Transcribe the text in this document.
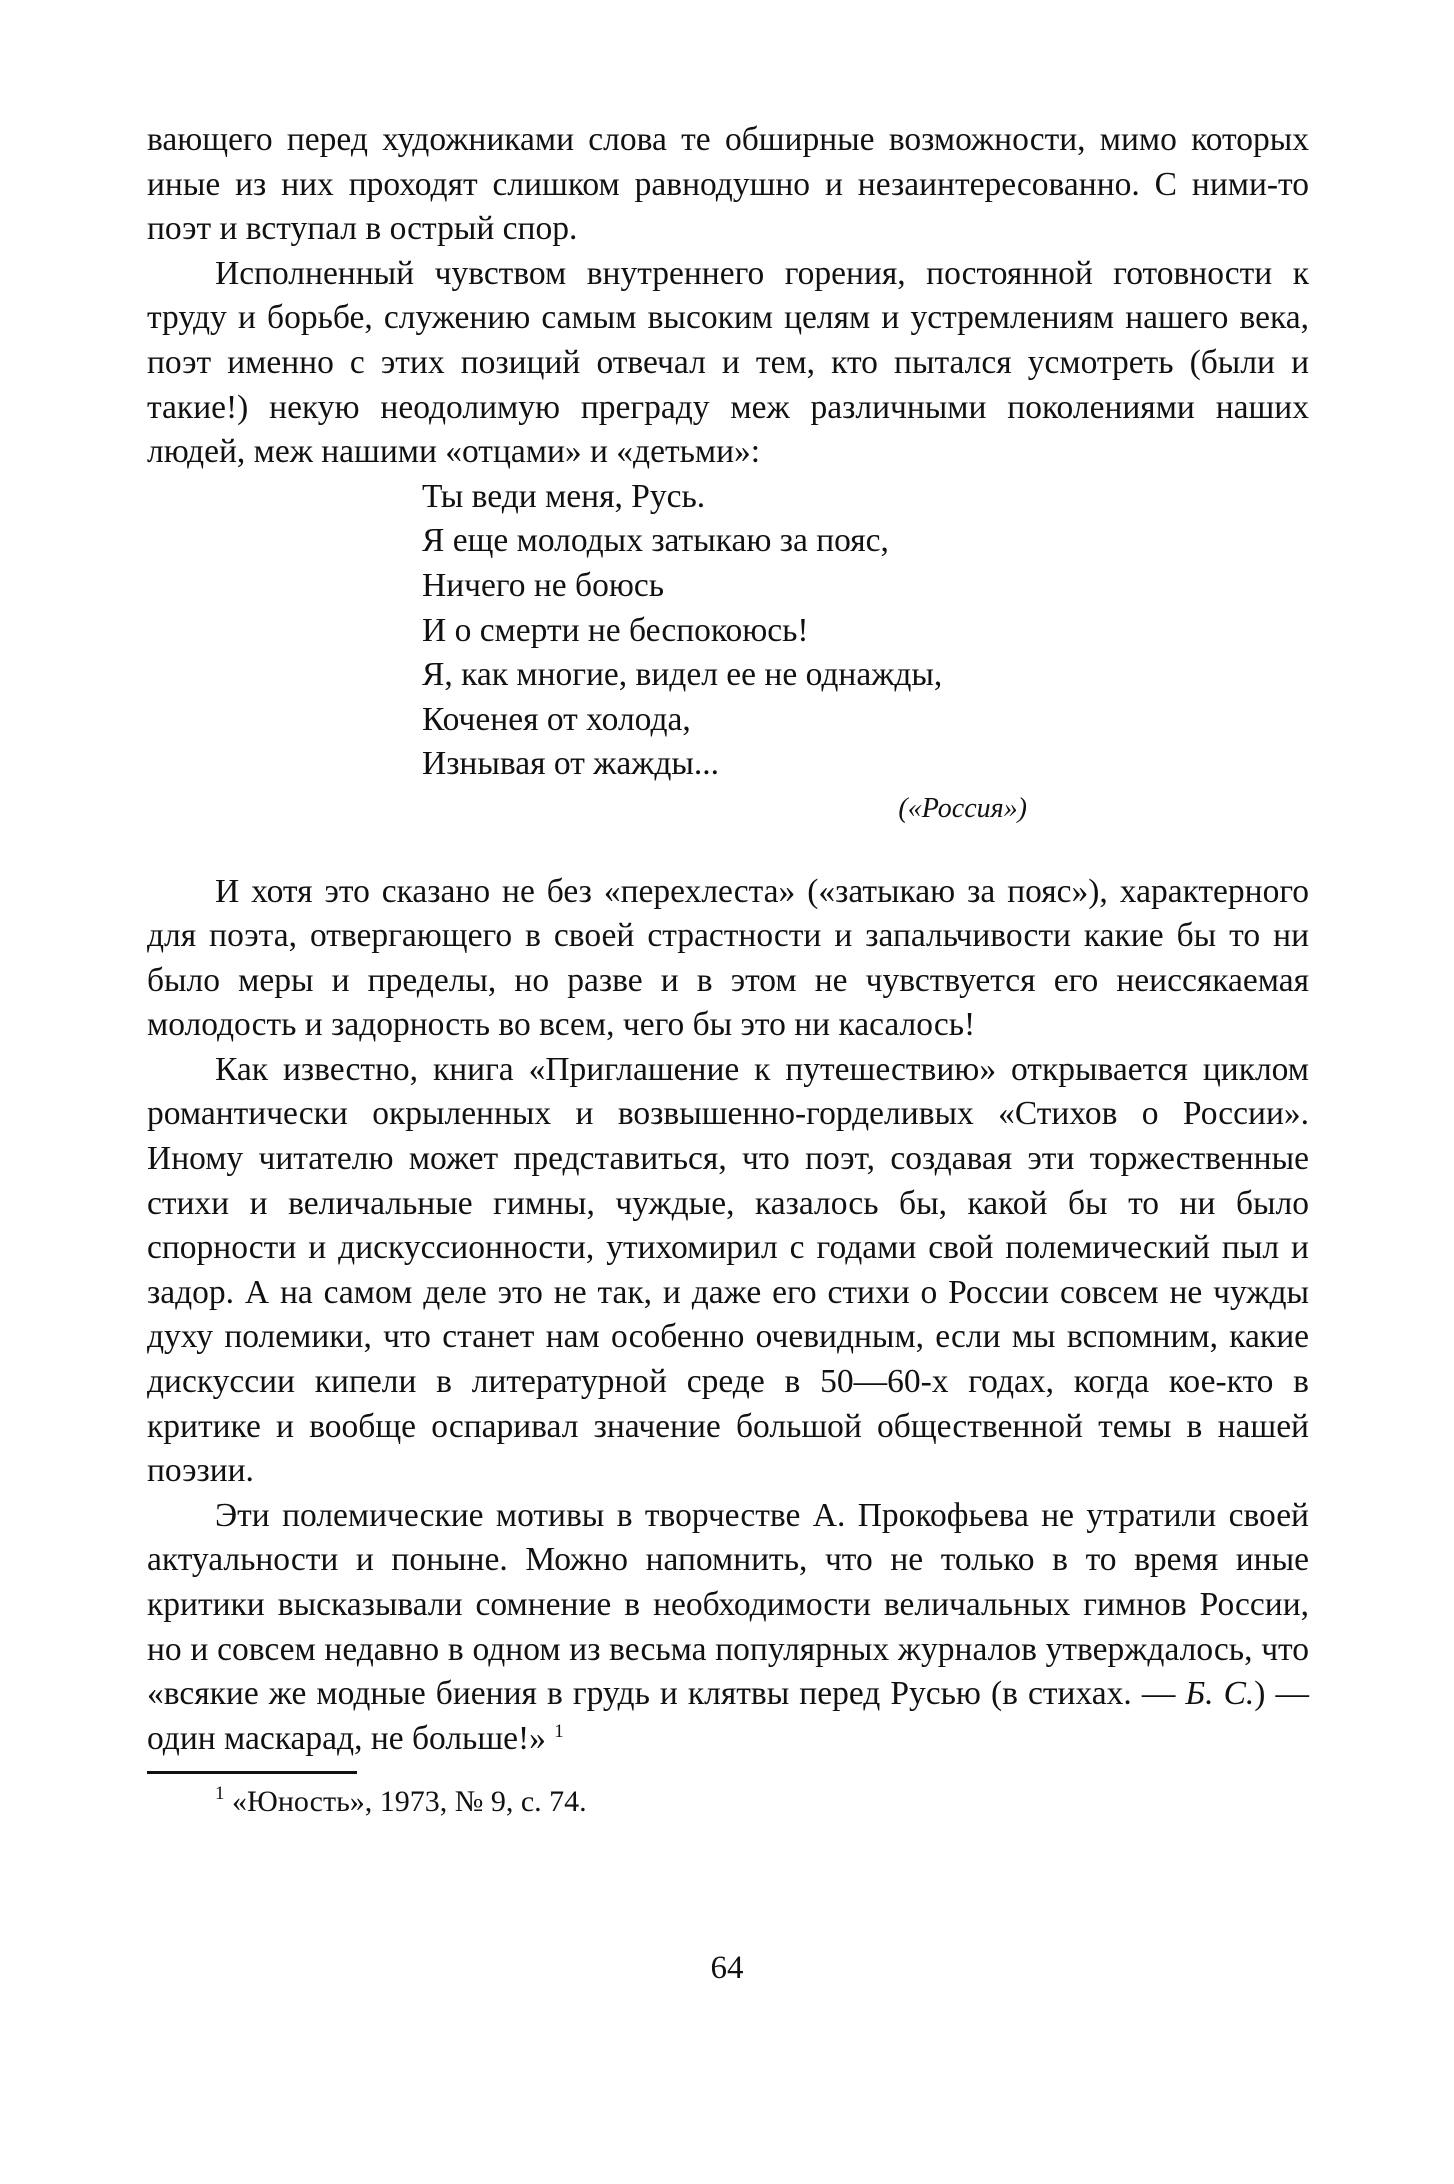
вающего перед художниками слова те обширные возможности, мимо которых иные из них проходят слишком равнодушно и незаинтересованно. С ними-то поэт и вступал в острый спор.

Исполненный чувством внутреннего горения, постоянной готовности к труду и борьбе, служению самым высоким целям и устремлениям нашего века, поэт именно с этих позиций отвечал и тем, кто пытался усмотреть (были и такие!) некую неодолимую преграду меж различными поколениями наших людей, меж нашими «отцами» и «детьми»:

Ты веди меня, Русь.
Я еще молодых затыкаю за пояс,
Ничего не боюсь
И о смерти не беспокоюсь!
Я, как многие, видел ее не однажды,
Коченея от холода,
Изнывая от жажды...
(«Россия»)

И хотя это сказано не без «перехлеста» («затыкаю за пояс»), характерного для поэта, отвергающего в своей страстности и запальчивости какие бы то ни было меры и пределы, но разве и в этом не чувствуется его неиссякаемая молодость и задорность во всем, чего бы это ни касалось!

Как известно, книга «Приглашение к путешествию» открывается циклом романтически окрыленных и возвышенно-горделивых «Стихов о России». Иному читателю может представиться, что поэт, создавая эти торжественные стихи и величальные гимны, чуждые, казалось бы, какой бы то ни было спорности и дискуссионности, утихомирил с годами свой полемический пыл и задор. А на самом деле это не так, и даже его стихи о России совсем не чужды духу полемики, что станет нам особенно очевидным, если мы вспомним, какие дискуссии кипели в литературной среде в 50—60-х годах, когда кое-кто в критике и вообще оспаривал значение большой общественной темы в нашей поэзии.

Эти полемические мотивы в творчестве А. Прокофьева не утратили своей актуальности и поныне. Можно напомнить, что не только в то время иные критики высказывали сомнение в необходимости величальных гимнов России, но и совсем недавно в одном из весьма популярных журналов утверждалось, что «всякие же модные биения в грудь и клятвы перед Русью (в стихах. — Б. С.) — один маскарад, не больше!» $^1$

$^1$ «Юность», 1973, № 9, с. 74.

64
